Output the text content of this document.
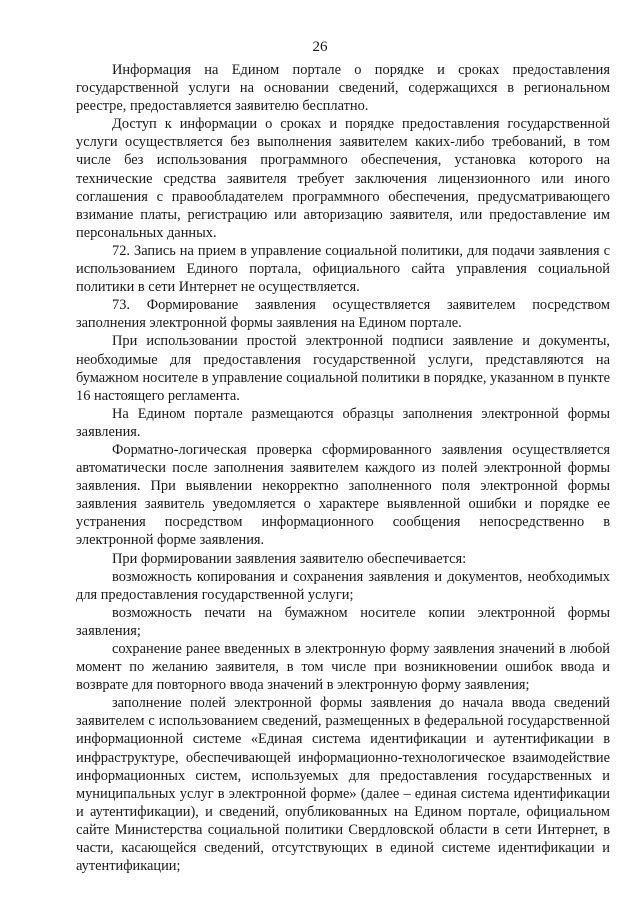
26

Информация на Едином портале о порядке и сроках предоставления государственной услуги на основании сведений, содержащихся в региональном реестре, предоставляется заявителю бесплатно.

Доступ к информации о сроках и порядке предоставления государственной услуги осуществляется без выполнения заявителем каких-либо требований, в том числе без использования программного обеспечения, установка которого на технические средства заявителя требует заключения лицензионного или иного соглашения с правообладателем программного обеспечения, предусматривающего взимание платы, регистрацию или авторизацию заявителя, или предоставление им персональных данных.

72. Запись на прием в управление социальной политики, для подачи заявления с использованием Единого портала, официального сайта управления социальной политики в сети Интернет не осуществляется.

73. Формирование заявления осуществляется заявителем посредством заполнения электронной формы заявления на Едином портале.

При использовании простой электронной подписи заявление и документы, необходимые для предоставления государственной услуги, представляются на бумажном носителе в управление социальной политики в порядке, указанном в пункте 16 настоящего регламента.

На Едином портале размещаются образцы заполнения электронной формы заявления.

Форматно-логическая проверка сформированного заявления осуществляется автоматически после заполнения заявителем каждого из полей электронной формы заявления. При выявлении некорректно заполненного поля электронной формы заявления заявитель уведомляется о характере выявленной ошибки и порядке ее устранения посредством информационного сообщения непосредственно в электронной форме заявления.

При формировании заявления заявителю обеспечивается:

возможность копирования и сохранения заявления и документов, необходимых для предоставления государственной услуги;

возможность печати на бумажном носителе копии электронной формы заявления;

сохранение ранее введенных в электронную форму заявления значений в любой момент по желанию заявителя, в том числе при возникновении ошибок ввода и возврате для повторного ввода значений в электронную форму заявления;

заполнение полей электронной формы заявления до начала ввода сведений заявителем с использованием сведений, размещенных в федеральной государственной информационной системе «Единая система идентификации и аутентификации в инфраструктуре, обеспечивающей информационно-технологическое взаимодействие информационных систем, используемых для предоставления государственных и муниципальных услуг в электронной форме» (далее – единая система идентификации и аутентификации), и сведений, опубликованных на Едином портале, официальном сайте Министерства социальной политики Свердловской области в сети Интернет, в части, касающейся сведений, отсутствующих в единой системе идентификации и аутентификации;
